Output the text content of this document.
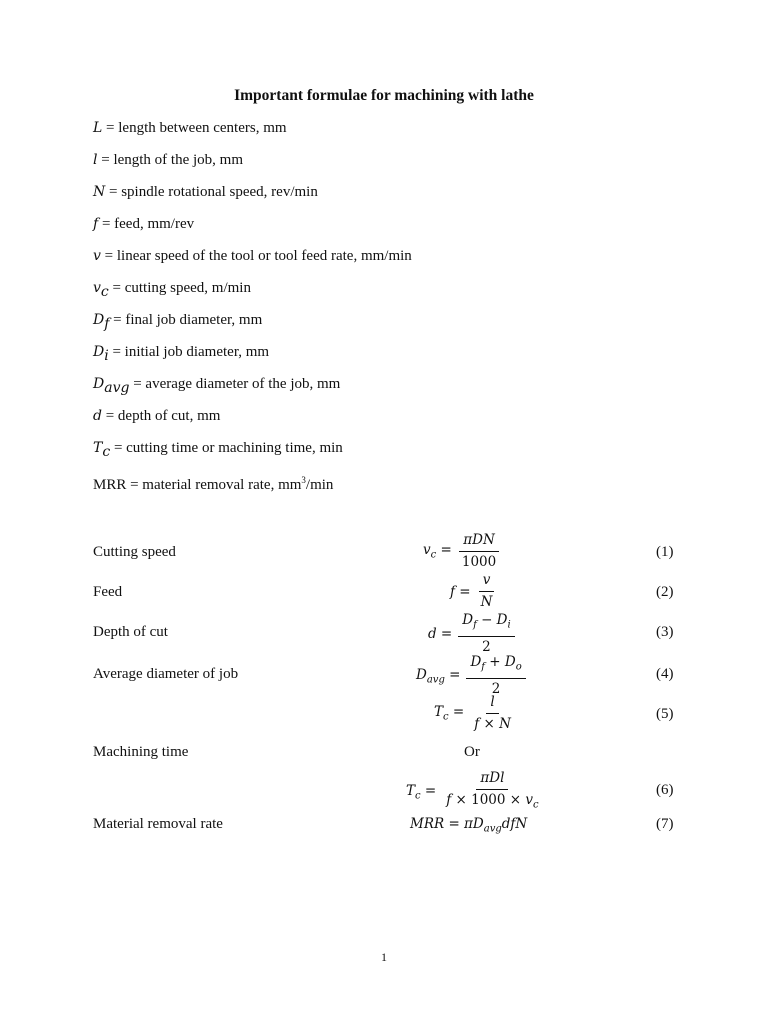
Important formulae for machining with lathe
L = length between centers, mm
l = length of the job, mm
N = spindle rotational speed, rev/min
f = feed, mm/rev
v = linear speed of the tool or tool feed rate, mm/min
$v_c$ = cutting speed, m/min
$D_f$ = final job diameter, mm
$D_i$ = initial job diameter, mm
$D_{avg}$ = average diameter of the job, mm
d = depth of cut, mm
$T_c$ = cutting time or machining time, min
MRR = material removal rate, $mm^3/\min$
Cutting speed	$v_c = \frac{\text{πDN}}{1000}$	(1)
Feed	$f = \frac{v}{N}$	(2)
Depth of cut	$d = \frac{D_f - D_i}{2}$	(3)
Average diameter of job	$D_{avg} = \frac{D_f + D_o}{2}$	(4)
$T_c = \frac{l}{f \times N}$	(5)
Machining time	Or
$T_c = \frac{\text{πDl}}{f \times 1000 \times v_c}$	(6)
Material removal rate	MRR = $\pi D_{avg}dfN$	(7)
1
